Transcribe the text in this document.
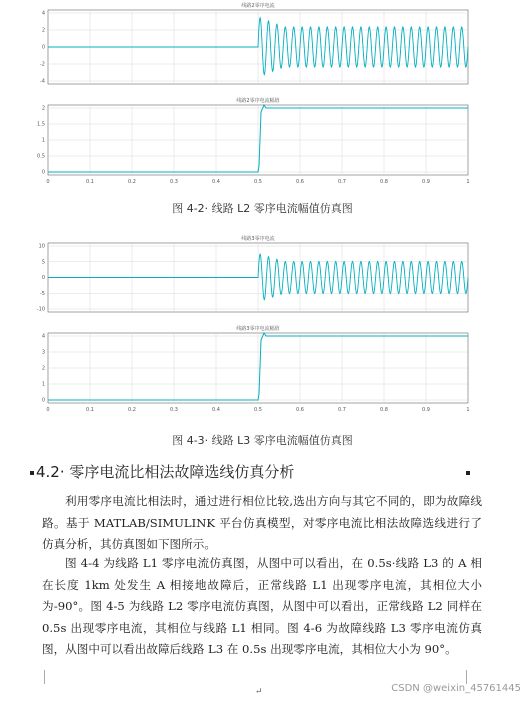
线路2零序电流
4
2
0
-2
-4
线路2零序电流幅值
2
1.5
1
0.5
0
0	0.1	0.2	0.3	0.4	0.5	0.6	0.7	0.8	0.9	1
图 4-2· 线路 L2 零序电流幅值仿真图
线路3零序电流
10
5
0
-5
-10
线路3零序电流幅值
4
3
2
1
0
0	0.1	0.2	0.3	0.4	0.5	0.6	0.7	0.8	0.9	1
图 4-3· 线路 L3 零序电流幅值仿真图
4.2· 零序电流比相法故障选线仿真分析
利用零序电流比相法时，通过进行相位比较,选出方向与其它不同的，即为故障线路。基于 MATLAB/SIMULINK 平台仿真模型，对零序电流比相法故障选线进行了仿真分析，其仿真图如下图所示。
图 4-4 为线路 L1 零序电流仿真图，从图中可以看出，在 0.5s·线路 L3 的 A 相在长度 1km 处发生 A 相接地故障后，正常线路 L1 出现零序电流，其相位大小为-90°。图 4-5 为线路 L2 零序电流仿真图，从图中可以看出，正常线路 L2 同样在 0.5s 出现零序电流，其相位与线路 L1 相同。图 4-6 为故障线路 L3 零序电流仿真图，从图中可以看出故障后线路 L3 在 0.5s 出现零序电流，其相位大小为 90°。
↵	CSDN @weixin_45761445
